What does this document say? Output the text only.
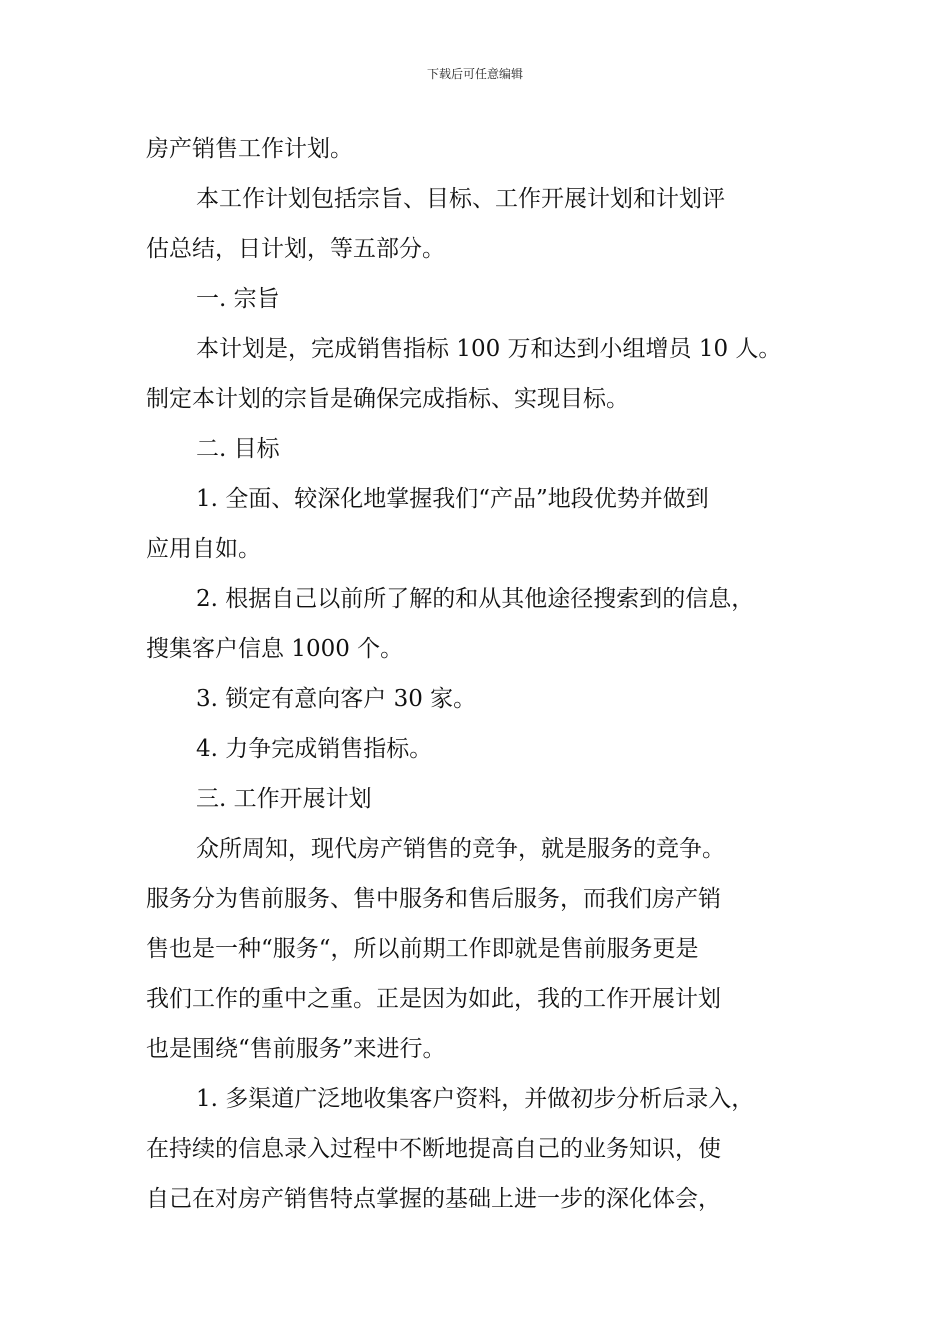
下载后可任意编辑
房产销售工作计划。
本工作计划包括宗旨、目标、工作开展计划和计划评
估总结，日计划，等五部分。
一. 宗旨
本计划是，完成销售指标 100 万和达到小组增员 10 人。
制定本计划的宗旨是确保完成指标、实现目标。
二. 目标
1. 全面、较深化地掌握我们“产品”地段优势并做到
应用自如。
2. 根据自己以前所了解的和从其他途径搜索到的信息，
搜集客户信息 1000 个。
3. 锁定有意向客户 30 家。
4. 力争完成销售指标。
三. 工作开展计划
众所周知，现代房产销售的竞争，就是服务的竞争。
服务分为售前服务、售中服务和售后服务，而我们房产销
售也是一种“服务“，所以前期工作即就是售前服务更是
我们工作的重中之重。正是因为如此，我的工作开展计划
也是围绕“售前服务”来进行。
1. 多渠道广泛地收集客户资料，并做初步分析后录入，
在持续的信息录入过程中不断地提高自己的业务知识，使
自己在对房产销售特点掌握的基础上进一步的深化体会，
